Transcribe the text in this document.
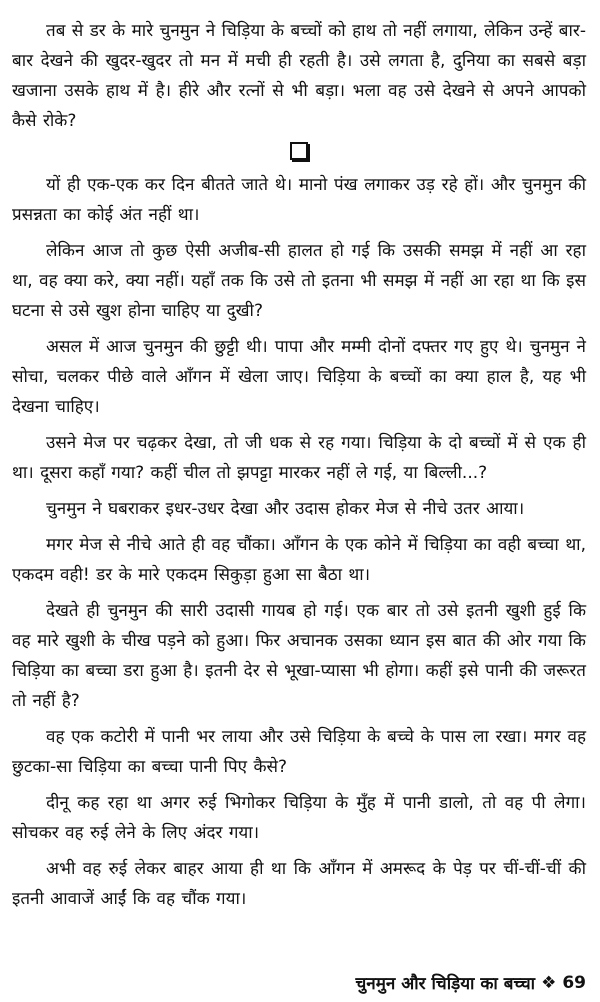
तब से डर के मारे चुनमुन ने चिड़िया के बच्चों को हाथ तो नहीं लगाया, लेकिन उन्हें बार-बार देखने की खुदर-खुदर तो मन में मची ही रहती है। उसे लगता है, दुनिया का सबसे बड़ा खजाना उसके हाथ में है। हीरे और रत्नों से भी बड़ा। भला वह उसे देखने से अपने आपको कैसे रोके?

यों ही एक-एक कर दिन बीतते जाते थे। मानो पंख लगाकर उड़ रहे हों। और चुनमुन की प्रसन्नता का कोई अंत नहीं था।

लेकिन आज तो कुछ ऐसी अजीब-सी हालत हो गई कि उसकी समझ में नहीं आ रहा था, वह क्या करे, क्या नहीं। यहाँ तक कि उसे तो इतना भी समझ में नहीं आ रहा था कि इस घटना से उसे खुश होना चाहिए या दुखी?

असल में आज चुनमुन की छुट्टी थी। पापा और मम्मी दोनों दफ्तर गए हुए थे। चुनमुन ने सोचा, चलकर पीछे वाले आँगन में खेला जाए। चिड़िया के बच्चों का क्या हाल है, यह भी देखना चाहिए।

उसने मेज पर चढ़कर देखा, तो जी धक से रह गया। चिड़िया के दो बच्चों में से एक ही था। दूसरा कहाँ गया? कहीं चील तो झपट्टा मारकर नहीं ले गई, या बिल्ली...?

चुनमुन ने घबराकर इधर-उधर देखा और उदास होकर मेज से नीचे उतर आया।

मगर मेज से नीचे आते ही वह चौंका। आँगन के एक कोने में चिड़िया का वही बच्चा था, एकदम वही! डर के मारे एकदम सिकुड़ा हुआ सा बैठा था।

देखते ही चुनमुन की सारी उदासी गायब हो गई। एक बार तो उसे इतनी खुशी हुई कि वह मारे खुशी के चीख पड़ने को हुआ। फिर अचानक उसका ध्यान इस बात की ओर गया कि चिड़िया का बच्चा डरा हुआ है। इतनी देर से भूखा-प्यासा भी होगा। कहीं इसे पानी की जरूरत तो नहीं है?

वह एक कटोरी में पानी भर लाया और उसे चिड़िया के बच्चे के पास ला रखा। मगर वह छुटका-सा चिड़िया का बच्चा पानी पिए कैसे?

दीनू कह रहा था अगर रुई भिगोकर चिड़िया के मुँह में पानी डालो, तो वह पी लेगा। सोचकर वह रुई लेने के लिए अंदर गया।

अभी वह रुई लेकर बाहर आया ही था कि आँगन में अमरूद के पेड़ पर चीं-चीं-चीं की इतनी आवाजें आईं कि वह चौंक गया।

चुनमुन और चिड़िया का बच्चा ❖ 69
